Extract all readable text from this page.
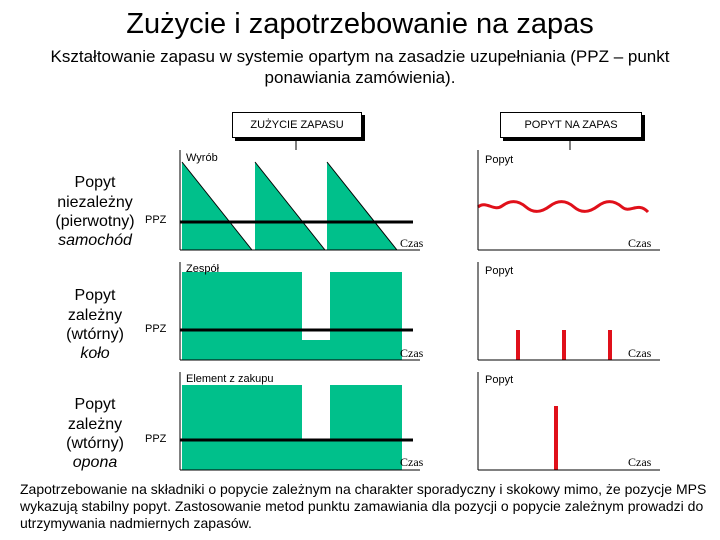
Zużycie i zapotrzebowanie na zapas
Kształtowanie zapasu w systemie opartym na zasadzie uzupełniania (PPZ – punkt ponawiania zamówienia).
ZUŻYCIE ZAPASU	POPYT NA ZAPAS
Popyt
niezależny
(pierwotny)
samochód
Wyrób	Popyt
PPZ
Czas	Czas
Popyt
zależny
(wtórny)
koło
Zespół	Popyt
PPZ
Czas	Czas
Popyt
zależny
(wtórny)
opona
Element z zakupu	Popyt
PPZ
Czas	Czas
Zapotrzebowanie na składniki o popycie zależnym na charakter sporadyczny i skokowy mimo, że pozycje MPS wykazują stabilny popyt. Zastosowanie metod punktu zamawiania dla pozycji o popycie zależnym prowadzi do utrzymywania nadmiernych zapasów.
